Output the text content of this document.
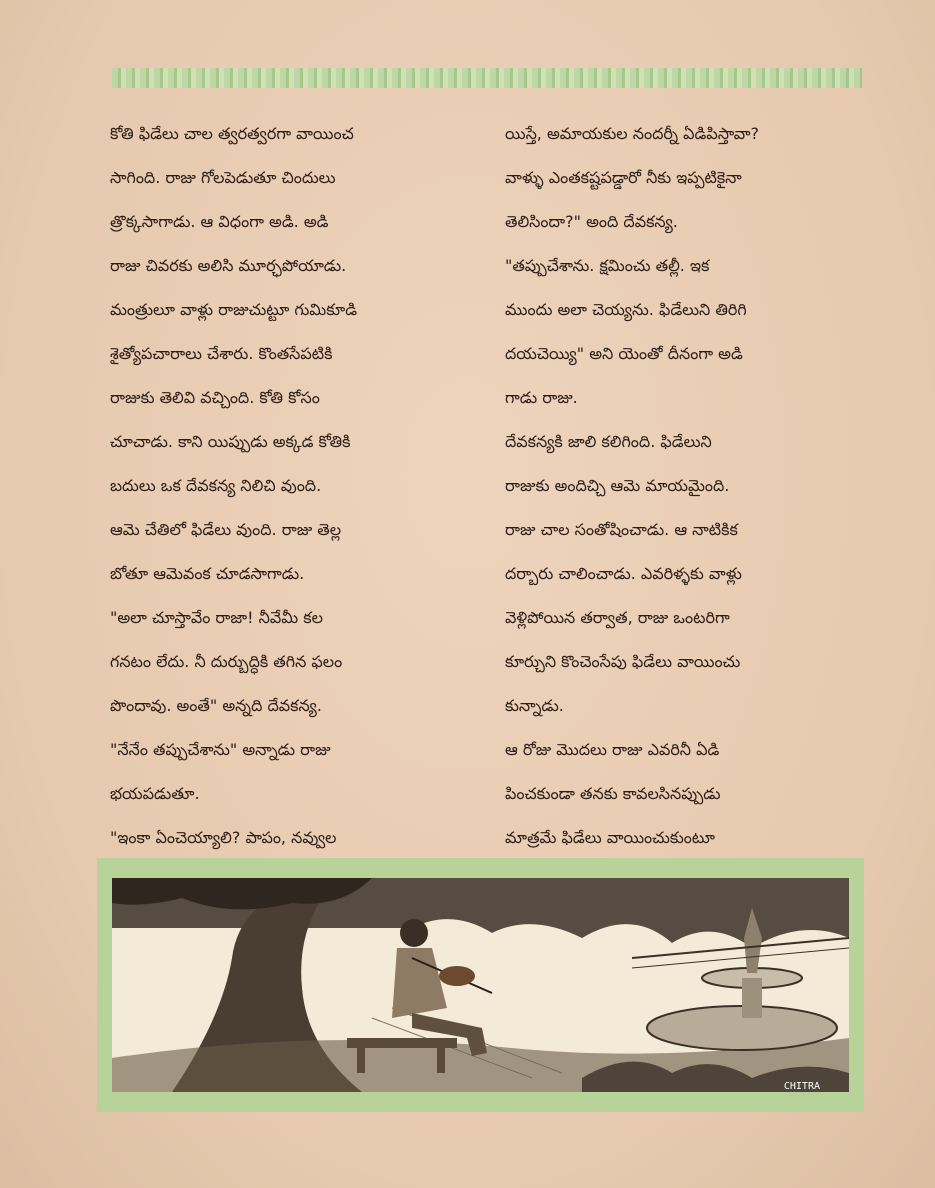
కోతి ఫిడేలు చాల త్వరత్వరగా వాయించ
సాగింది. రాజు గోలపెడుతూ చిందులు
త్రొక్కసాగాడు. ఆ విధంగా అడి. అడి
రాజు చివరకు అలిసి మూర్ఛపోయాడు.
మంత్రులూ వాళ్లు రాజుచుట్టూ గుమికూడి
శైత్యోపచారాలు చేశారు. కొంతసేపటికి
రాజుకు తెలివి వచ్చింది. కోతి కోసం
చూచాడు. కాని యిప్పుడు అక్కడ కోతికి
బదులు ఒక దేవకన్య నిలిచి వుంది.
ఆమె చేతిలో ఫిడేలు వుంది. రాజు తెల్ల
బోతూ ఆమెవంక చూడసాగాడు.
"అలా చూస్తావేం రాజా! నీవేమీ కల
గనటం లేదు. నీ దుర్బుద్ధికి తగిన ఫలం
పొందావు. అంతే" అన్నది దేవకన్య.
"నేనేం తప్పుచేశాను" అన్నాడు రాజు
భయపడుతూ.
"ఇంకా ఏంచెయ్యాలి? పాపం, నవ్వుల
యిస్తే, అమాయకుల నందర్నీ ఏడిపిస్తావా?
వాళ్ళు ఎంతకష్టపడ్డారో నీకు ఇప్పటికైనా
తెలిసిందా?" అంది దేవకన్య.
"తప్పుచేశాను. క్షమించు తల్లీ. ఇక
ముందు అలా చెయ్యను. ఫిడేలుని తిరిగి
దయచెయ్యి" అని యెంతో దీనంగా అడి
గాడు రాజు.
దేవకన్యకి జాలి కలిగింది. ఫిడేలుని
రాజుకు అందిచ్చి ఆమె మాయమైంది.
రాజు చాల సంతోషించాడు. ఆ నాటికిక
దర్బారు చాలించాడు. ఎవరిళ్ళకు వాళ్లు
వెళ్లిపోయిన తర్వాత, రాజు ఒంటరిగా
కూర్చుని కొంచెంసేపు ఫిడేలు వాయించు
కున్నాడు.
ఆ రోజు మొదలు రాజు ఎవరినీ ఏడి
పించకుండా తనకు కావలసినప్పుడు
మాత్రమే ఫిడేలు వాయించుకుంటూ
CHITRA
